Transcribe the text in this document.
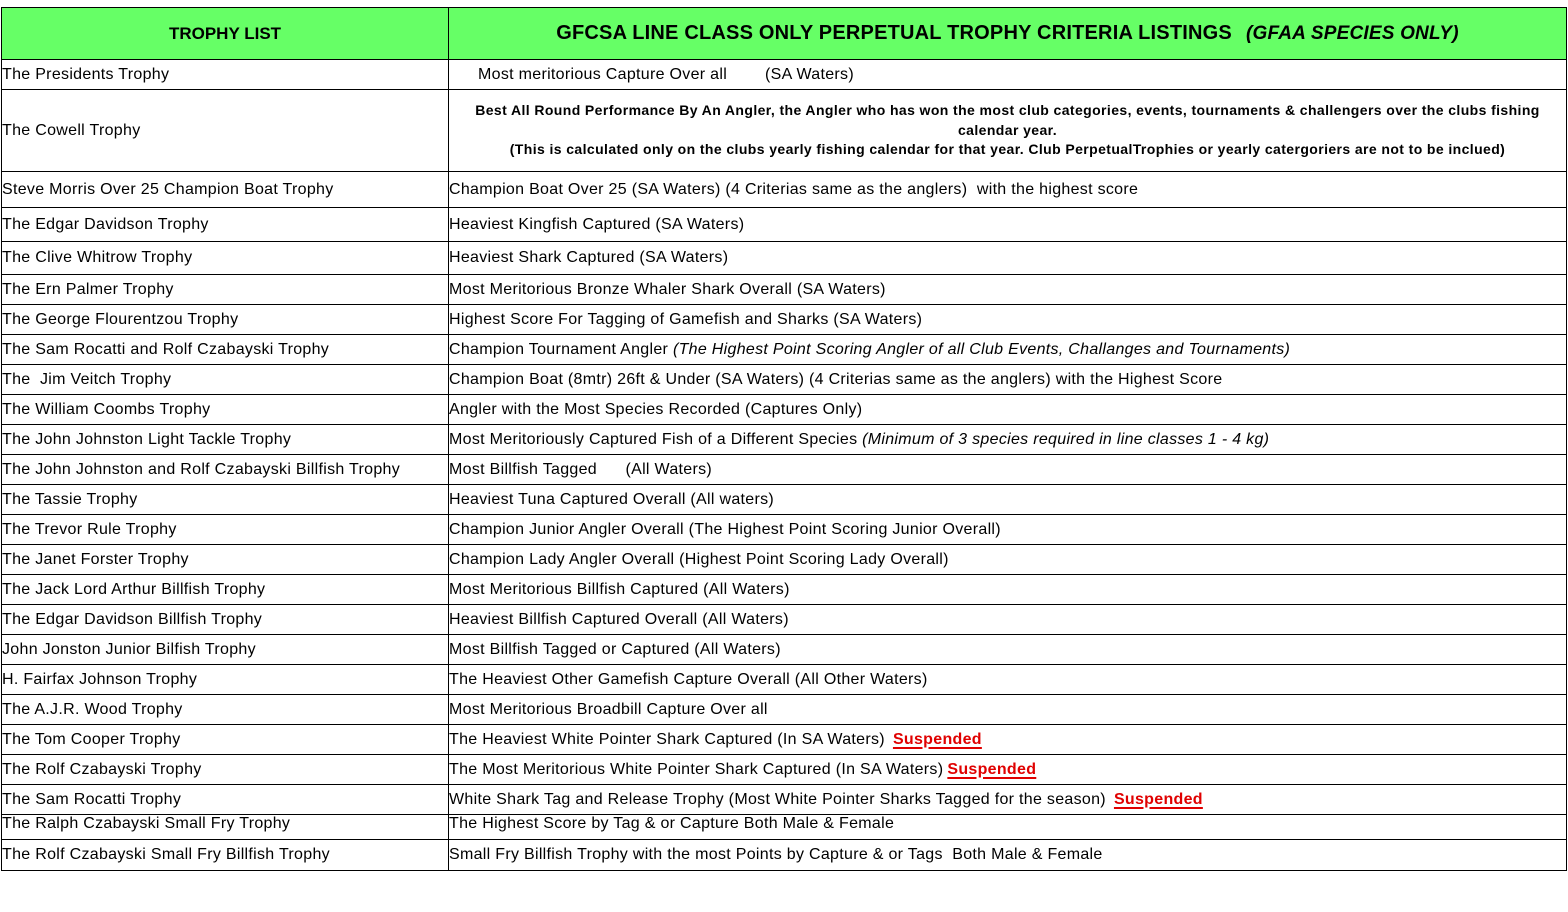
TROPHY LIST	GFCSA LINE CLASS ONLY PERPETUAL TROPHY CRITERIA LISTINGS (GFAA SPECIES ONLY)
The Presidents Trophy	Most meritorious Capture Over all        (SA Waters)
The Cowell Trophy	Best All Round Performance By An Angler, the Angler who has won the most club categories, events, tournaments & challengers over the clubs fishing calendar year.
(This is calculated only on the clubs yearly fishing calendar for that year. Club PerpetualTrophies or yearly catergoriers are not to be inclued)

Steve Morris Over 25 Champion Boat Trophy	Champion Boat Over 25 (SA Waters) (4 Criterias same as the anglers)  with the highest score
The Edgar Davidson Trophy	Heaviest Kingfish Captured (SA Waters)
The Clive Whitrow Trophy	Heaviest Shark Captured (SA Waters)
The Ern Palmer Trophy	Most Meritorious Bronze Whaler Shark Overall (SA Waters)
The George Flourentzou Trophy	Highest Score For Tagging of Gamefish and Sharks (SA Waters)
The Sam Rocatti and Rolf Czabayski Trophy	Champion Tournament Angler (The Highest Point Scoring Angler of all Club Events, Challanges and Tournaments)
The  Jim Veitch Trophy	Champion Boat (8mtr) 26ft & Under (SA Waters) (4 Criterias same as the anglers) with the Highest Score
The William Coombs Trophy	Angler with the Most Species Recorded (Captures Only)
The John Johnston Light Tackle Trophy	Most Meritoriously Captured Fish of a Different Species (Minimum of 3 species required in line classes 1 - 4 kg)
The John Johnston and Rolf Czabayski Billfish Trophy	Most Billfish Tagged      (All Waters)
The Tassie Trophy	Heaviest Tuna Captured Overall (All waters)
The Trevor Rule Trophy	Champion Junior Angler Overall (The Highest Point Scoring Junior Overall)
The Janet Forster Trophy	Champion Lady Angler Overall (Highest Point Scoring Lady Overall)
The Jack Lord Arthur Billfish Trophy	Most Meritorious Billfish Captured (All Waters)
The Edgar Davidson Billfish Trophy	Heaviest Billfish Captured Overall (All Waters)
John Jonston Junior Bilfish Trophy	Most Billfish Tagged or Captured (All Waters)
H. Fairfax Johnson Trophy	The Heaviest Other Gamefish Capture Overall (All Other Waters)
The A.J.R. Wood Trophy	Most Meritorious Broadbill Capture Over all
The Tom Cooper Trophy	The Heaviest White Pointer Shark Captured (In SA Waters) Suspended
The Rolf Czabayski Trophy	The Most Meritorious White Pointer Shark Captured (In SA Waters) Suspended
The Sam Rocatti Trophy	White Shark Tag and Release Trophy (Most White Pointer Sharks Tagged for the season) Suspended
The Ralph Czabayski Small Fry Trophy	The Highest Score by Tag & or Capture Both Male & Female
The Rolf Czabayski Small Fry Billfish Trophy	Small Fry Billfish Trophy with the most Points by Capture & or Tags  Both Male & Female
